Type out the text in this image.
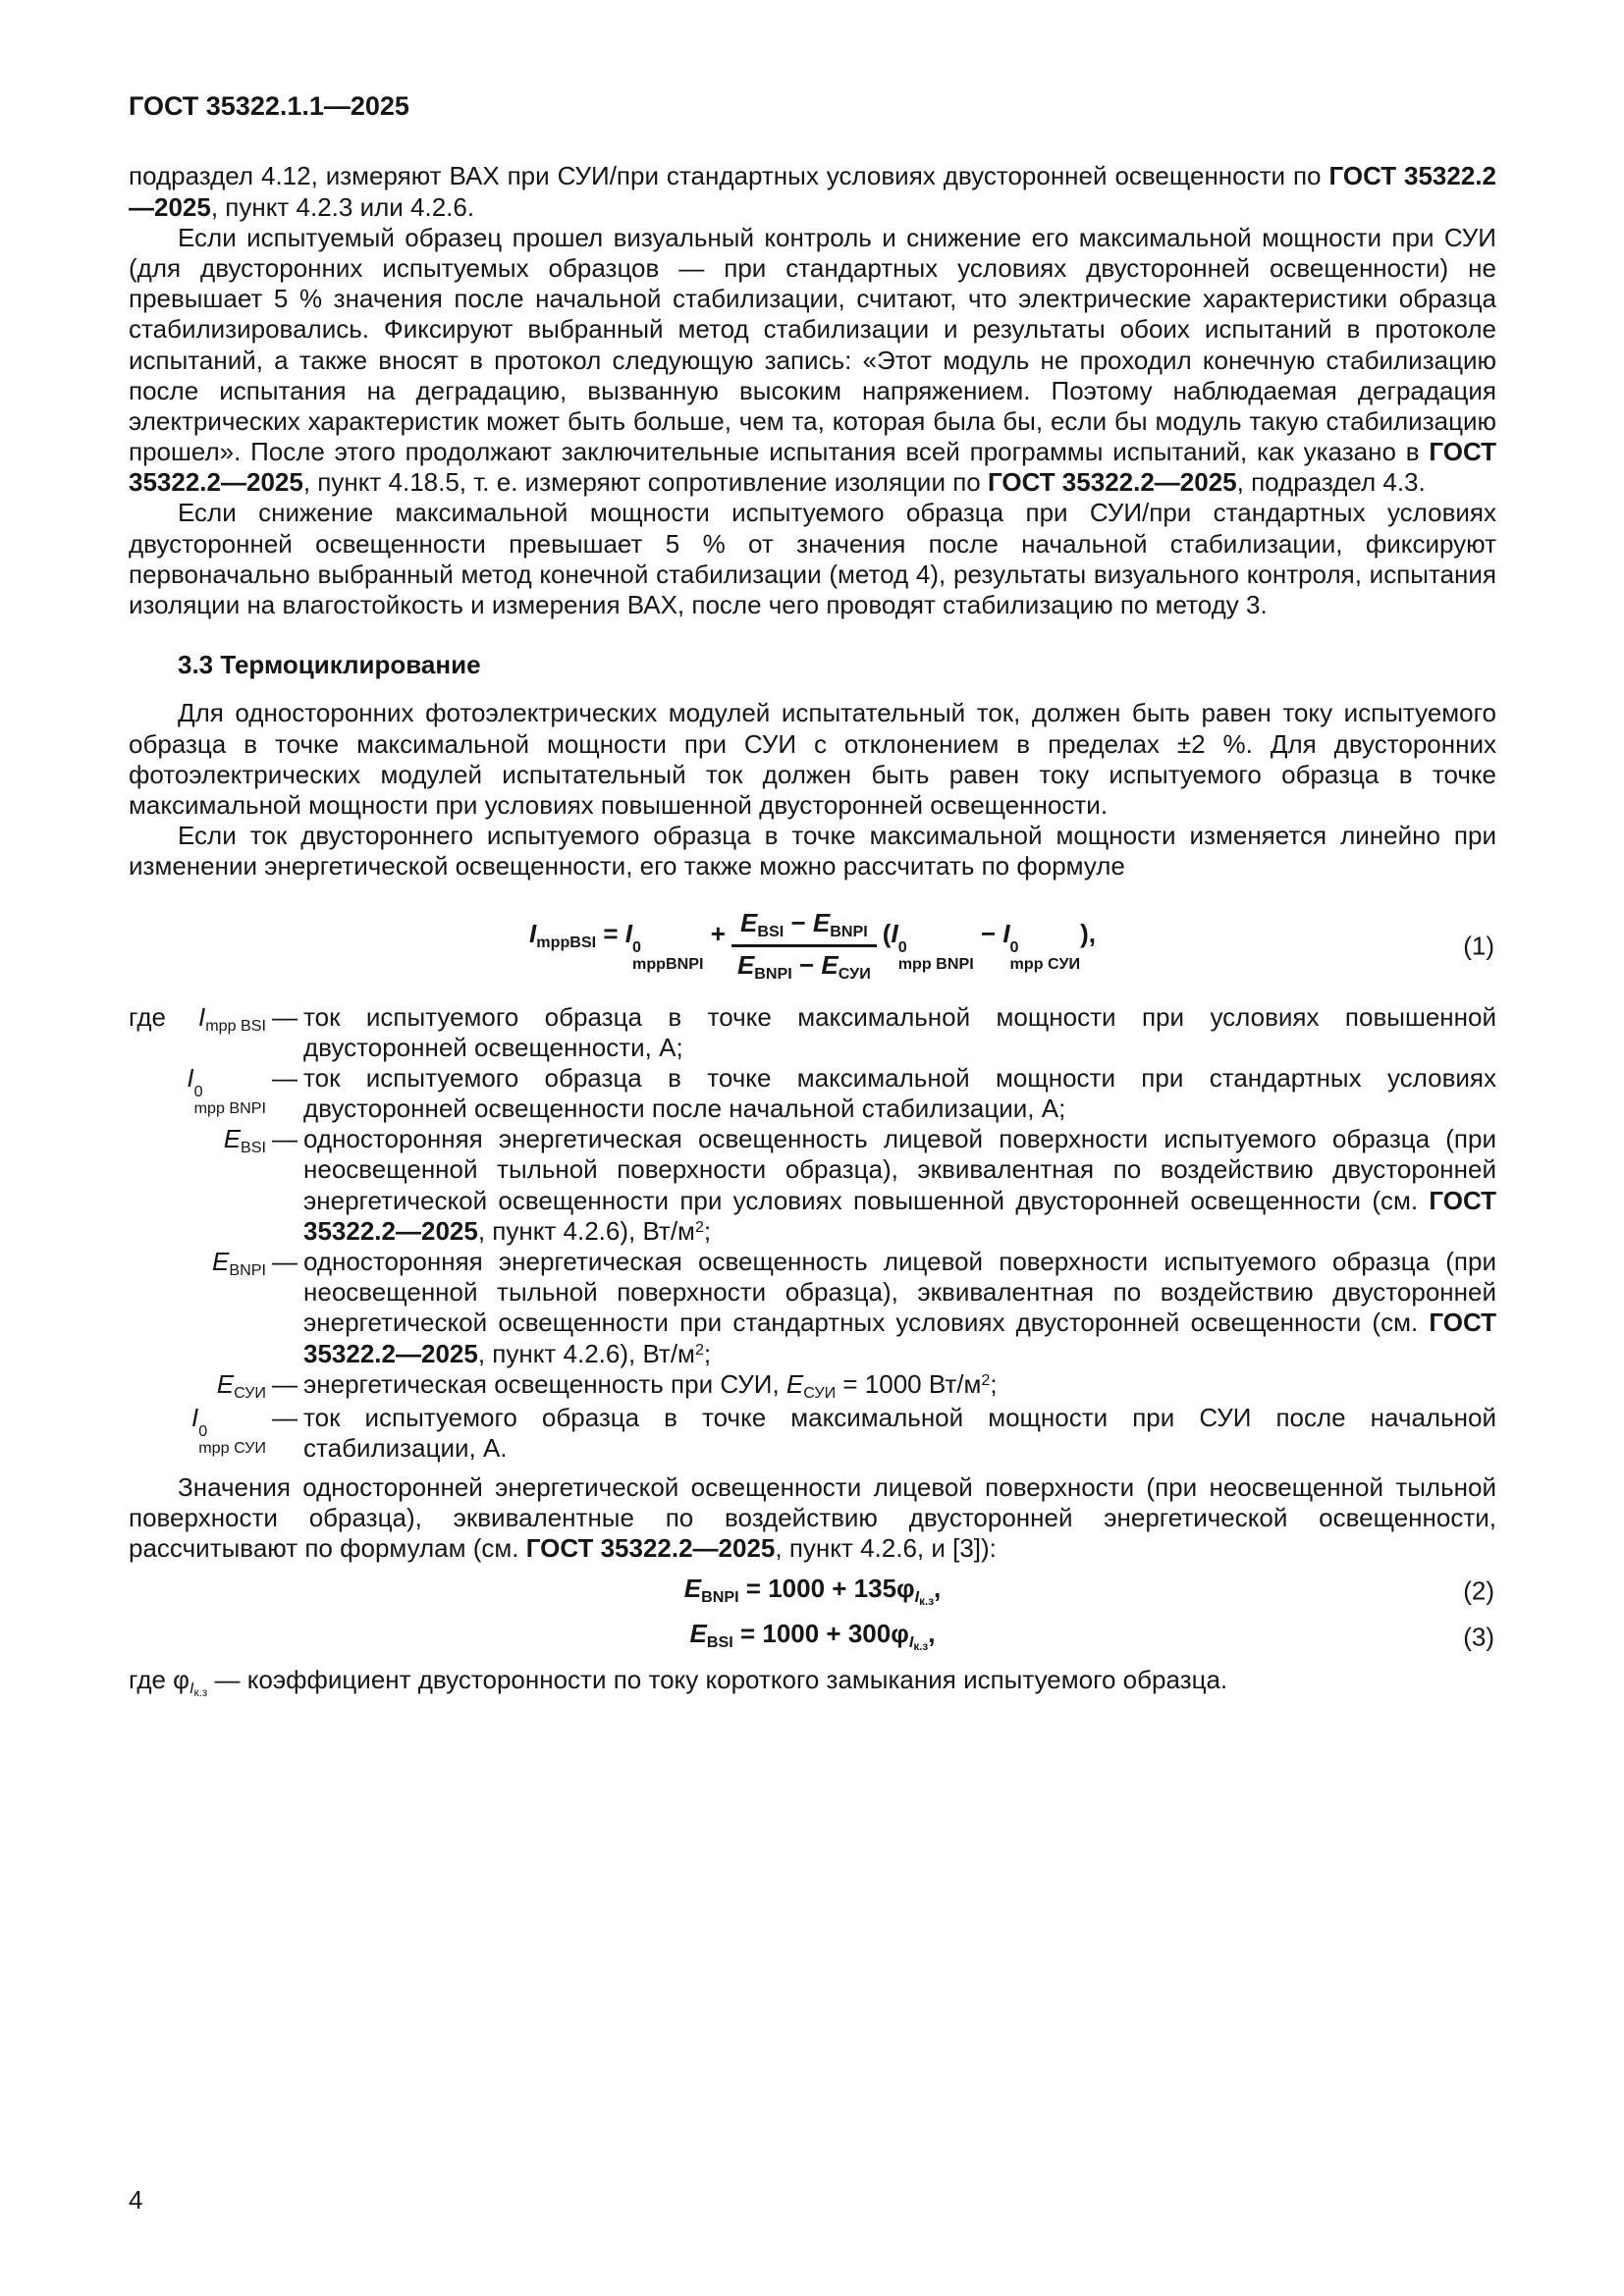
ГОСТ 35322.1.1—2025

подраздел 4.12, измеряют ВАХ при СУИ/при стандартных условиях двусторонней освещенности по ГОСТ 35322.2—2025, пункт 4.2.3 или 4.2.6.

Если испытуемый образец прошел визуальный контроль и снижение его максимальной мощности при СУИ (для двусторонних испытуемых образцов — при стандартных условиях двусторонней освещенности) не превышает 5 % значения после начальной стабилизации, считают, что электрические характеристики образца стабилизировались. Фиксируют выбранный метод стабилизации и результаты обоих испытаний в протоколе испытаний, а также вносят в протокол следующую запись: «Этот модуль не проходил конечную стабилизацию после испытания на деградацию, вызванную высоким напряжением. Поэтому наблюдаемая деградация электрических характеристик может быть больше, чем та, которая была бы, если бы модуль такую стабилизацию прошел». После этого продолжают заключительные испытания всей программы испытаний, как указано в ГОСТ 35322.2—2025, пункт 4.18.5, т. е. измеряют сопротивление изоляции по ГОСТ 35322.2—2025, подраздел 4.3.

Если снижение максимальной мощности испытуемого образца при СУИ/при стандартных условиях двусторонней освещенности превышает 5 % от значения после начальной стабилизации, фиксируют первоначально выбранный метод конечной стабилизации (метод 4), результаты визуального контроля, испытания изоляции на влагостойкость и измерения ВАХ, после чего проводят стабилизацию по методу 3.

3.3 Термоциклирование

Для односторонних фотоэлектрических модулей испытательный ток, должен быть равен току испытуемого образца в точке максимальной мощности при СУИ с отклонением в пределах ±2 %. Для двусторонних фотоэлектрических модулей испытательный ток должен быть равен току испытуемого образца в точке максимальной мощности при условиях повышенной двусторонней освещенности.

Если ток двустороннего испытуемого образца в точке максимальной мощности изменяется линейно при изменении энергетической освещенности, его также можно рассчитать по формуле

ImppBSI = I 0
mppBNPI
+ $\frac{\text{EBSI − EBNPI}}{\text{EBNPI − EСУИ}} (I$ 0
mpp BNPI
− I 0
mpp СУИ
),	(1)
где Impp BSI — ток испытуемого образца в точке максимальной мощности при условиях повышенной двусторонней освещенности, А;
I 0
mpp BNPI
— ток испытуемого образца в точке максимальной мощности при стандартных условиях двусторонней освещенности после начальной стабилизации, А;
EBSI — односторонняя энергетическая освещенность лицевой поверхности испытуемого образца (при неосвещенной тыльной поверхности образца), эквивалентная по воздействию двусторонней энергетической освещенности при условиях повышенной двусторонней освещенности (см. ГОСТ 35322.2—2025, пункт 4.2.6), $Вт/м^2$;
EBNPI — односторонняя энергетическая освещенность лицевой поверхности испытуемого образца (при неосвещенной тыльной поверхности образца), эквивалентная по воздействию двусторонней энергетической освещенности при стандартных условиях двусторонней освещенности (см. ГОСТ 35322.2—2025, пункт 4.2.6), $Вт/м^2$;
EСУИ — энергетическая освещенность при СУИ, EСУИ = 1000 $Вт/м^2$;
I 0
mpp СУИ
— ток испытуемого образца в точке максимальной мощности при СУИ после начальной стабилизации, А.

Значения односторонней энергетической освещенности лицевой поверхности (при неосвещенной тыльной поверхности образца), эквивалентные по воздействию двусторонней энергетической освещенности, рассчитывают по формулам (см. ГОСТ 35322.2—2025, пункт 4.2.6, и [3]):

EBNPI = $1000 + 135\varphi I_{к.з}$,	(2)
EBSI = $1000 + 300\varphi I_{к.з}$,	(3)

где $\varphi I_{к.з}$ — коэффициент двусторонности по току короткого замыкания испытуемого образца.

4
